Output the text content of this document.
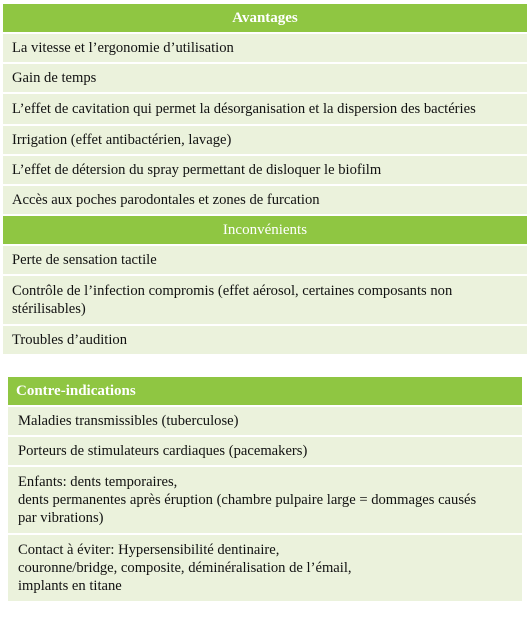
Avantages
La vitesse et l’ergonomie d’utilisation
Gain de temps
L’effet de cavitation qui permet la désorganisation et la dispersion des bactéries
Irrigation (effet antibactérien, lavage)
L’effet de détersion du spray permettant de disloquer le biofilm
Accès aux poches parodontales et zones de furcation
Inconvénients
Perte de sensation tactile
Contrôle de l’infection compromis (effet aérosol, certaines composants non stérilisables)
Troubles d’audition
Contre-indications
Maladies transmissibles (tuberculose)
Porteurs de stimulateurs cardiaques (pacemakers)
Enfants: dents temporaires,
dents permanentes après éruption (chambre pulpaire large = dommages causés
par vibrations)
Contact à éviter: Hypersensibilité dentinaire,
couronne/bridge, composite, déminéralisation de l’émail,
implants en titane
